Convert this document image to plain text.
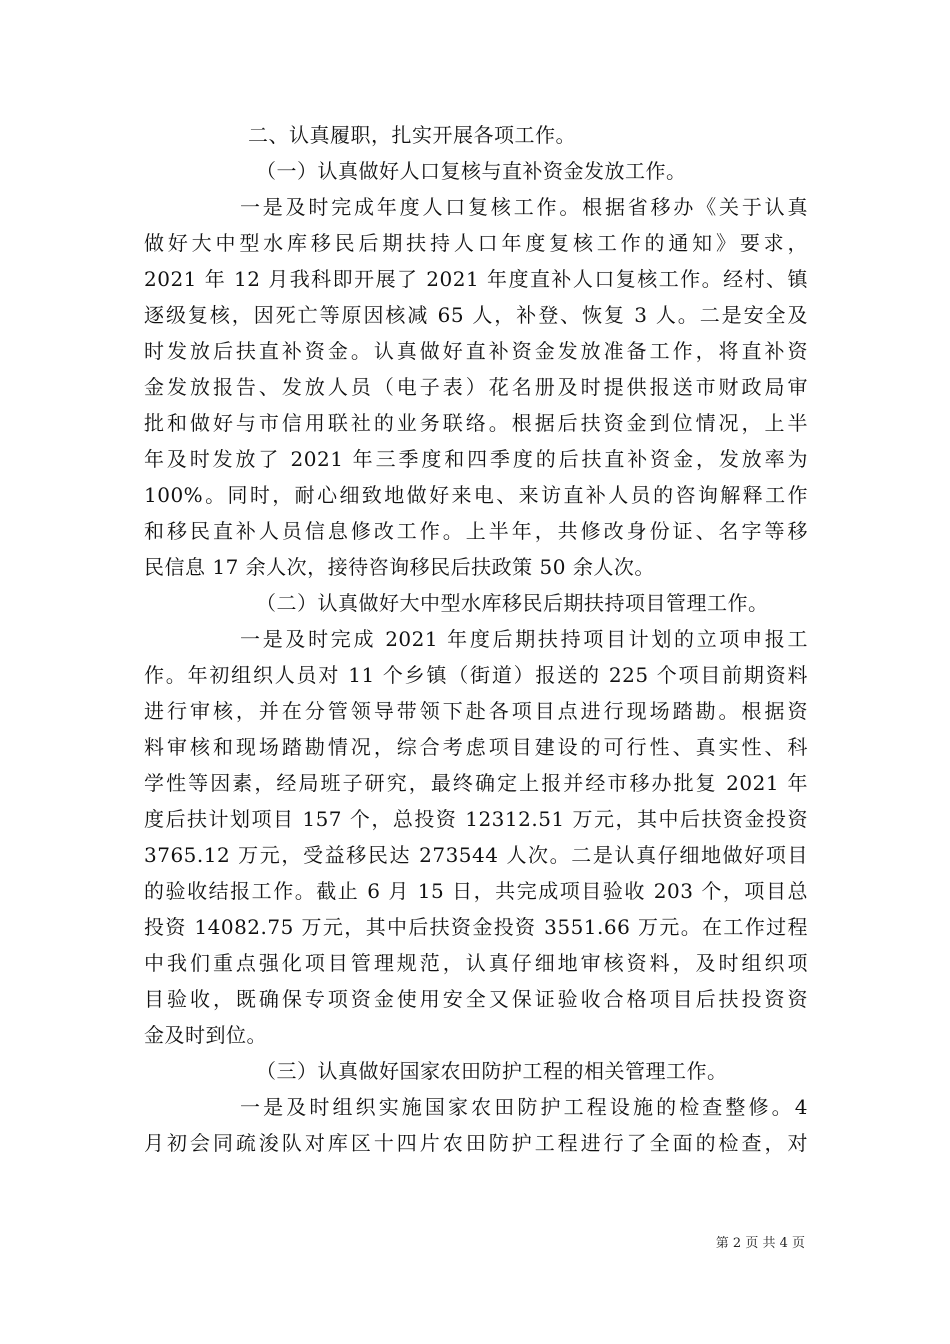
二、认真履职，扎实开展各项工作。
（一）认真做好人口复核与直补资金发放工作。
一是及时完成年度人口复核工作。根据省移办《关于认真
做好大中型水库移民后期扶持人口年度复核工作的通知》要求，
2021 年 12 月我科即开展了 2021 年度直补人口复核工作。经村、镇
逐级复核，因死亡等原因核减 65 人，补登、恢复 3 人。二是安全及
时发放后扶直补资金。认真做好直补资金发放准备工作，将直补资
金发放报告、发放人员（电子表）花名册及时提供报送市财政局审
批和做好与市信用联社的业务联络。根据后扶资金到位情况，上半
年及时发放了 2021 年三季度和四季度的后扶直补资金，发放率为
100%。同时，耐心细致地做好来电、来访直补人员的咨询解释工作
和移民直补人员信息修改工作。上半年，共修改身份证、名字等移
民信息 17 余人次，接待咨询移民后扶政策 50 余人次。
（二）认真做好大中型水库移民后期扶持项目管理工作。
一是及时完成 2021 年度后期扶持项目计划的立项申报工
作。年初组织人员对 11 个乡镇（街道）报送的 225 个项目前期资料
进行审核，并在分管领导带领下赴各项目点进行现场踏勘。根据资
料审核和现场踏勘情况，综合考虑项目建设的可行性、真实性、科
学性等因素，经局班子研究，最终确定上报并经市移办批复 2021 年
度后扶计划项目 157 个，总投资 12312.51 万元，其中后扶资金投资
3765.12 万元，受益移民达 273544 人次。二是认真仔细地做好项目
的验收结报工作。截止 6 月 15 日，共完成项目验收 203 个，项目总
投资 14082.75 万元，其中后扶资金投资 3551.66 万元。在工作过程
中我们重点强化项目管理规范，认真仔细地审核资料，及时组织项
目验收，既确保专项资金使用安全又保证验收合格项目后扶投资资
金及时到位。
（三）认真做好国家农田防护工程的相关管理工作。
一是及时组织实施国家农田防护工程设施的检查整修。4
月初会同疏浚队对库区十四片农田防护工程进行了全面的检查，对
第 2 页 共 4 页
